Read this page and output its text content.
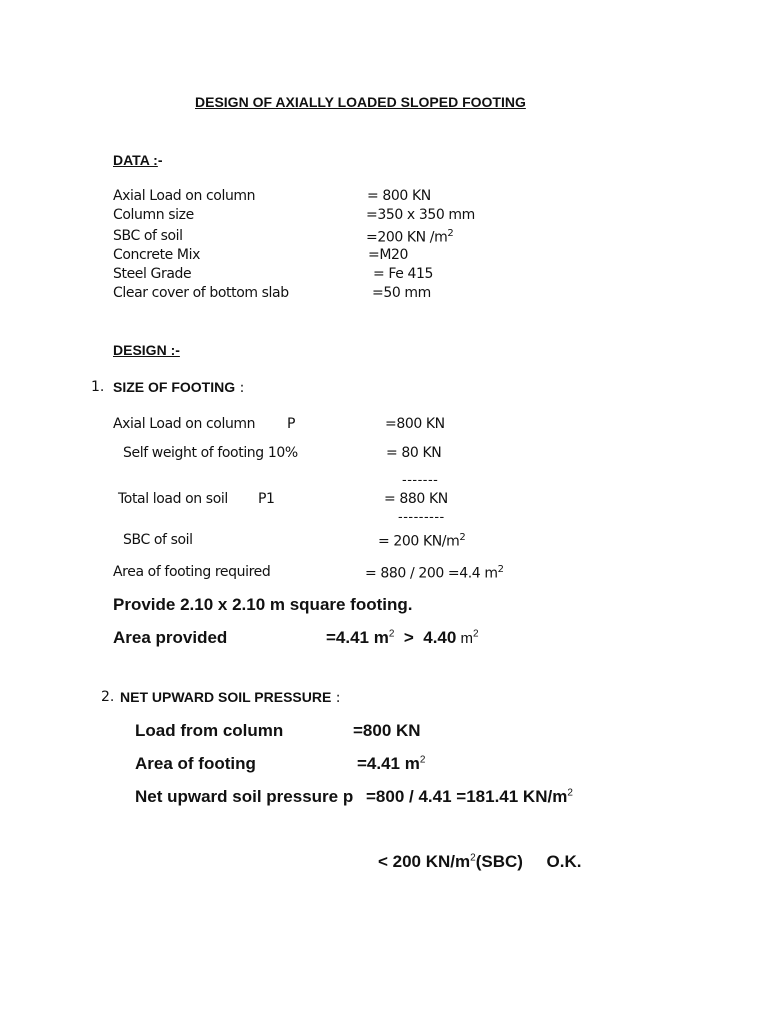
DESIGN OF AXIALLY LOADED SLOPED FOOTING
DATA :-
Axial Load on column	= 800 KN
Column size	=350 x 350 mm
SBC of soil	=200 KN $/m^2$
Concrete Mix	=M20
Steel Grade	= Fe 415
Clear cover of bottom slab	=50 mm
DESIGN :-
1. SIZE OF FOOTING :
Axial Load on column P	=800 KN
Self weight of footing 10%	= 80 KN
-------
Total load on soil P1	= 880 KN
---------
SBC of soil	= 200 $KN/m^2$
Area of footing required	= 880 / 200 =4.4 $m^2$
Provide 2.10 x 2.10 m square footing.
Area provided	=4.41 $m^2 > 4.40$ $m^2$
2. NET UPWARD SOIL PRESSURE :
Load from column	=800 KN
Area of footing	=4.41 $m^2$
Net upward soil pressure p =800 / 4.41 =181.41 $KN/m^2$
< 200 $KN/m^2(SBC)$     O.K.
